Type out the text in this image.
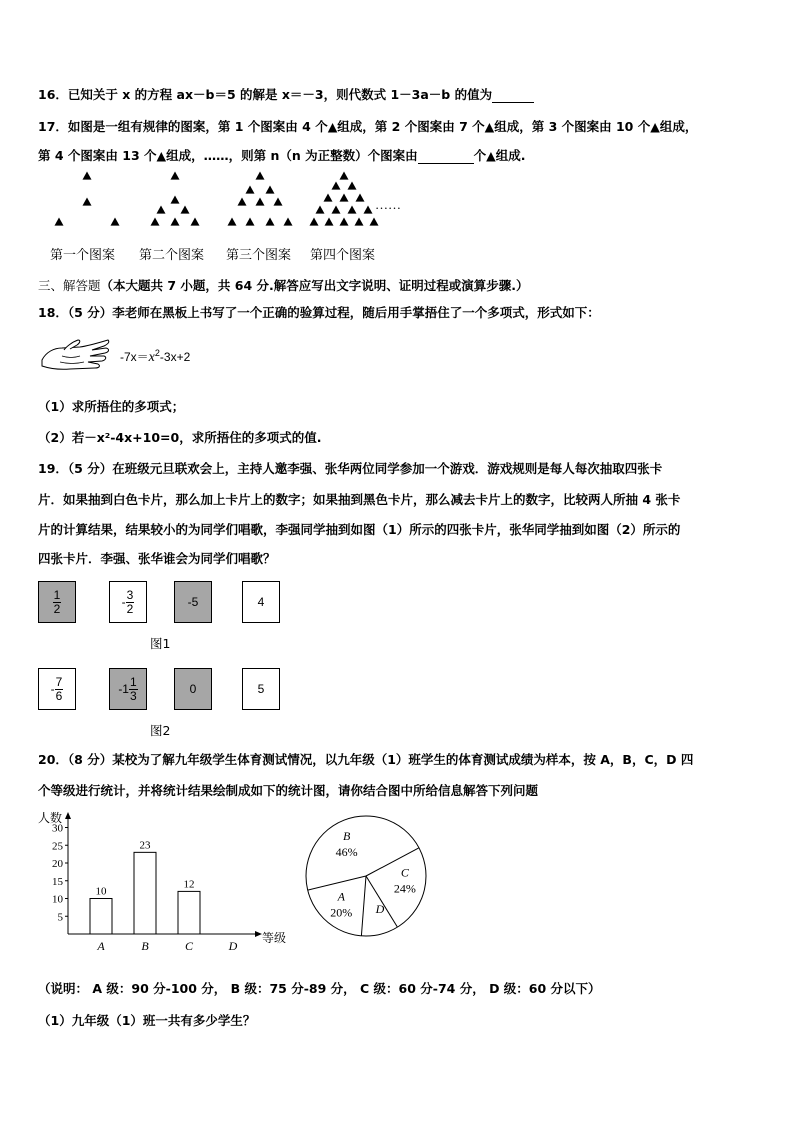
16．已知关于 x 的方程 ax－b＝5 的解是 x＝－3，则代数式 1－3a－b 的值为
17．如图是一组有规律的图案，第 1 个图案由 4 个▲组成，第 2 个图案由 7 个▲组成，第 3 个图案由 10 个▲组成，
第 4 个图案由 13 个▲组成，……，则第 n（n 为正整数）个图案由	个▲组成.
……
第一个图案 第二个图案 第三个图案 第四个图案
三、解答题（本大题共 7 小题，共 64 分.解答应写出文字说明、证明过程或演算步骤.）
18．（5 分）李老师在黑板上书写了一个正确的验算过程，随后用手掌捂住了一个多项式，形式如下：
$-7x=x^2-3x+2$
（1）求所捂住的多项式；
（2）若－x²-4x+10=0，求所捂住的多项式的值.
19．（5 分）在班级元旦联欢会上，主持人邀李强、张华两位同学参加一个游戏．游戏规则是每人每次抽取四张卡
片．如果抽到白色卡片，那么加上卡片上的数字；如果抽到黑色卡片，那么减去卡片上的数字，比较两人所抽 4 张卡
片的计算结果，结果较小的为同学们唱歌，李强同学抽到如图（1）所示的四张卡片，张华同学抽到如图（2）所示的
四张卡片．李强、张华谁会为同学们唱歌？
$\frac{1}{2}$	- $\frac{3}{2}$	-5	4
图1
- $\frac{7}{6}$	$-1 \frac{1}{3}$	0	5
图2
20．（8 分）某校为了解九年级学生体育测试情况，以九年级（1）班学生的体育测试成绩为样本，按 A，B，C，D 四
个等级进行统计，并将统计结果绘制成如下的统计图，请你结合图中所给信息解答下列问题
人数
等级
5
10
15
20
25
30
10
A
23
B
12
C	D
C
24%
D
A
20%
B
46%
（说明： A 级：90 分-100 分， B 级：75 分-89 分， C 级：60 分-74 分， D 级：60 分以下）
（1）九年级（1）班一共有多少学生？
